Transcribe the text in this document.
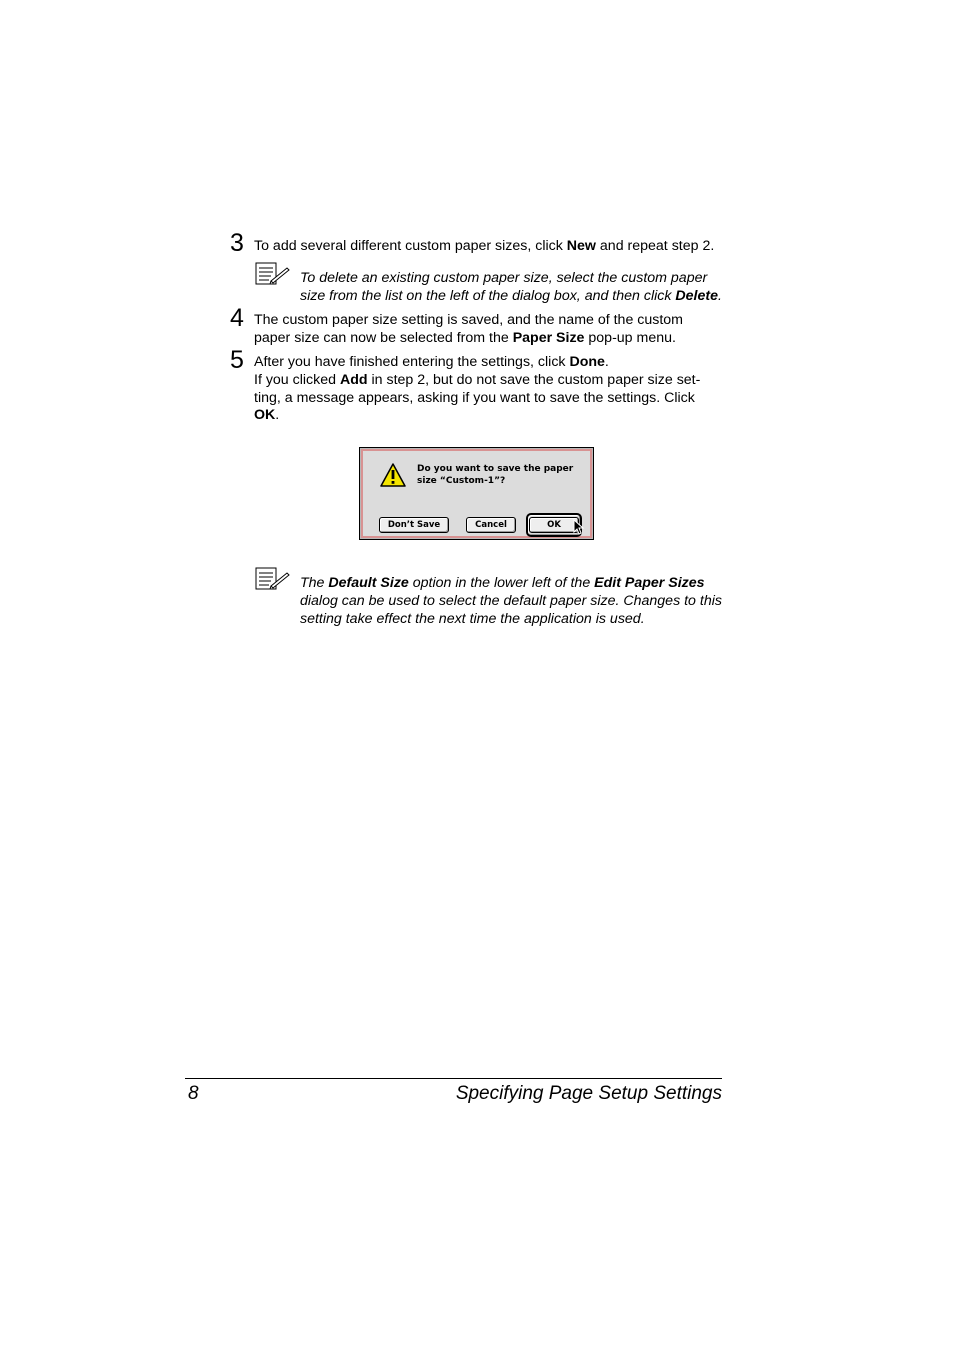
3 To add several different custom paper sizes, click New and repeat step 2.
To delete an existing custom paper size, select the custom paper size from the list on the left of the dialog box, and then click Delete.
4 The custom paper size setting is saved, and the name of the custom paper size can now be selected from the Paper Size pop-up menu.
5 After you have finished entering the settings, click Done.
If you clicked Add in step 2, but do not save the custom paper size set-ting, a message appears, asking if you want to save the settings. Click OK.
Do you want to save the paper size “Custom-1”?
Don’t Save	Cancel	OK
The Default Size option in the lower left of the Edit Paper Sizes dialog can be used to select the default paper size. Changes to this setting take effect the next time the application is used.
8	Specifying Page Setup Settings
